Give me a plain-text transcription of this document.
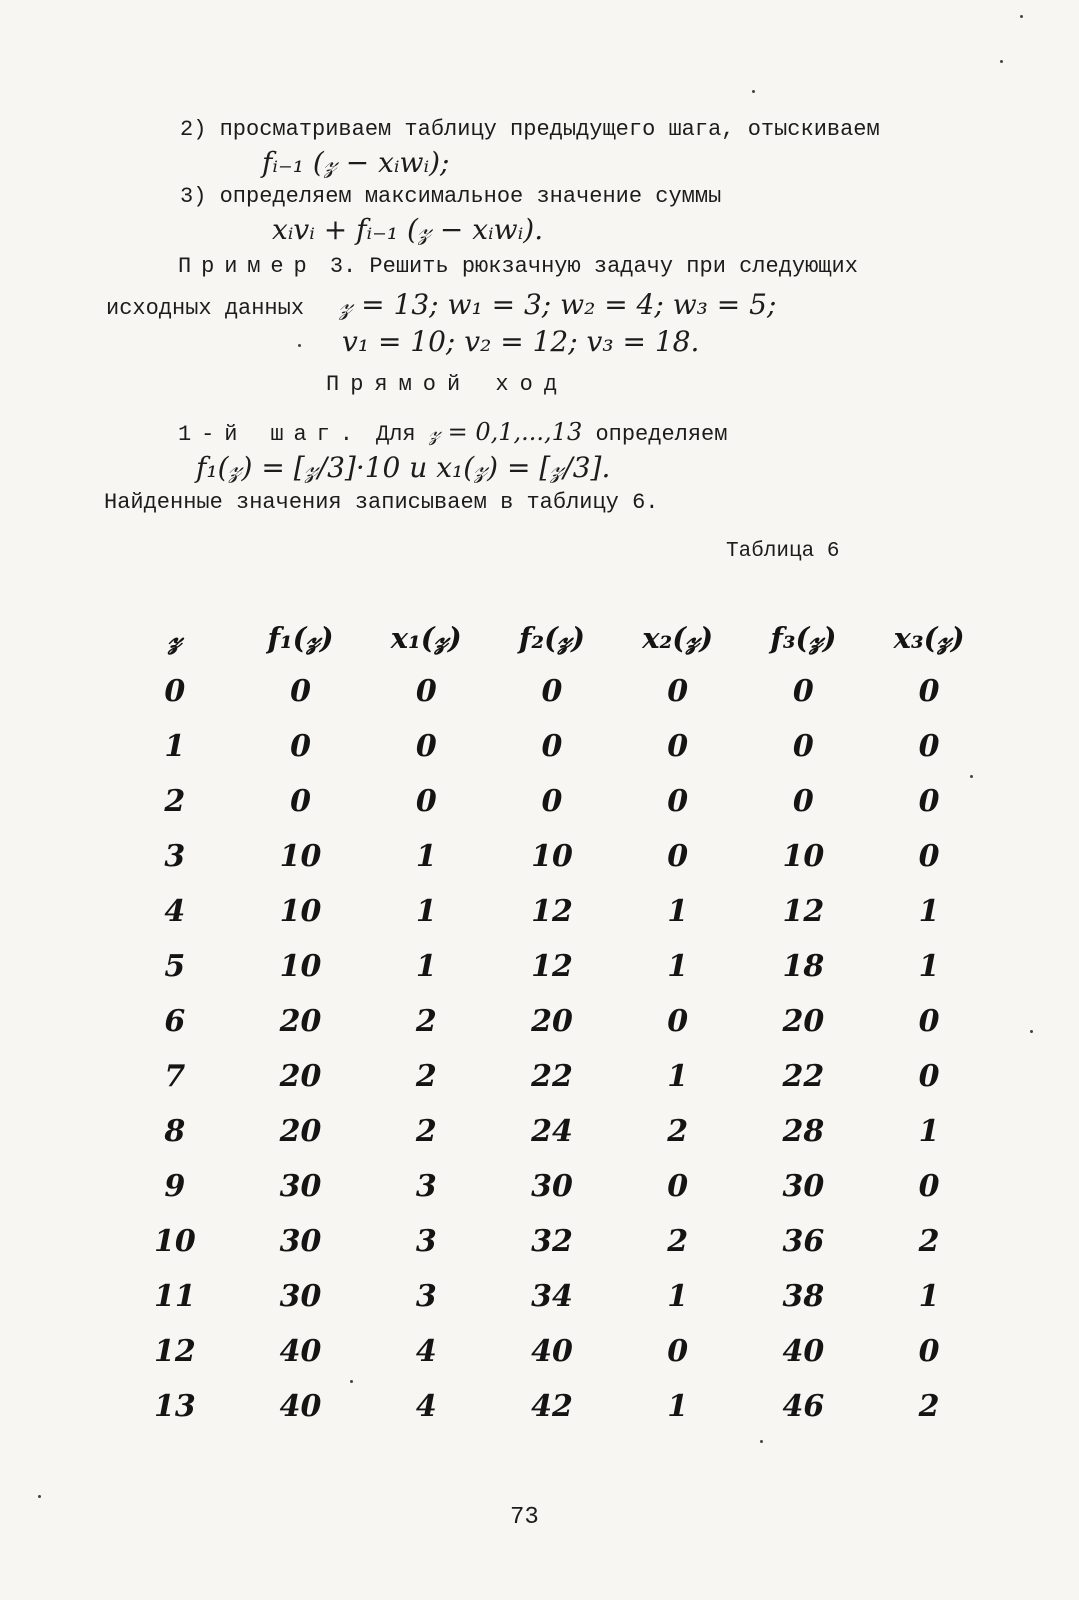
2) просматриваем таблицу предыдущего шага, отыскиваем
fᵢ₋₁ (𝓏 − xᵢwᵢ);
3) определяем максимальное значение суммы
xᵢvᵢ + fᵢ₋₁ (𝓏 − xᵢwᵢ).
Пример 3. Решить рюкзачную задачу при следующих
исходных данных 𝓏 = 13; w₁ = 3; w₂ = 4; w₃ = 5;
v₁ = 10; v₂ = 12; v₃ = 18.
Прямой ход
1-й шаг. Для 𝓏 = 0,1,...,13 определяем
f₁(𝓏) = [𝓏/3]·10 и x₁(𝓏) = [𝓏/3].
Найденные значения записываем в таблицу 6.
Таблица 6
𝓏	f₁(𝓏)	x₁(𝓏)	f₂(𝓏)	x₂(𝓏)	f₃(𝓏)	x₃(𝓏)
0	0	0	0	0	0	0
1	0	0	0	0	0	0
2	0	0	0	0	0	0
3	10	1	10	0	10	0
4	10	1	12	1	12	1
5	10	1	12	1	18	1
6	20	2	20	0	20	0
7	20	2	22	1	22	0
8	20	2	24	2	28	1
9	30	3	30	0	30	0
10	30	3	32	2	36	2
11	30	3	34	1	38	1
12	40	4	40	0	40	0
13	40	4	42	1	46	2
73
